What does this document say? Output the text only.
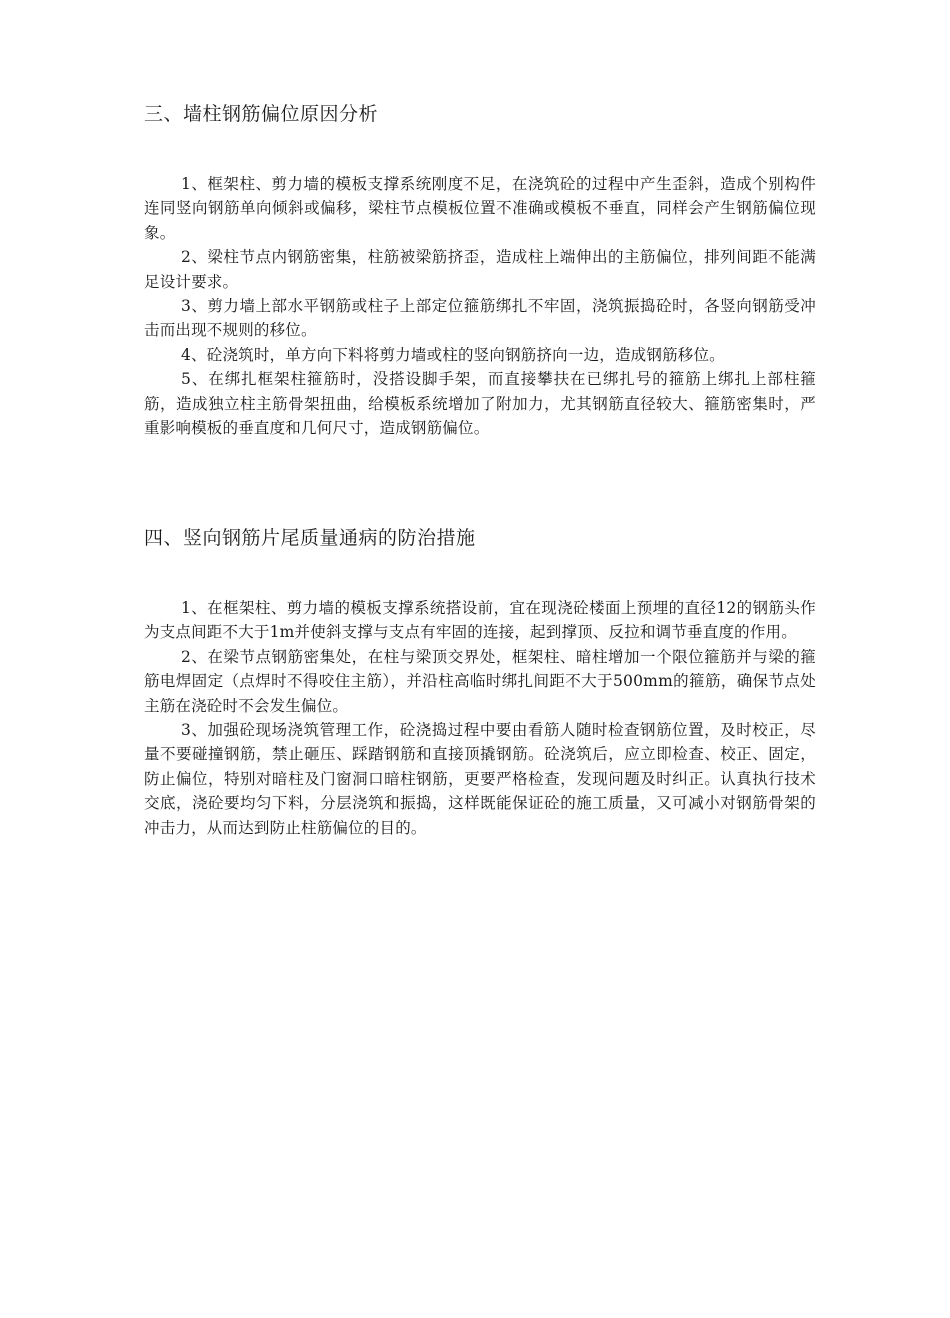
三、墙柱钢筋偏位原因分析

1、框架柱、剪力墙的模板支撑系统刚度不足，在浇筑砼的过程中产生歪斜，造成个别构件连同竖向钢筋单向倾斜或偏移，梁柱节点模板位置不准确或模板不垂直，同样会产生钢筋偏位现象。

2、梁柱节点内钢筋密集，柱筋被梁筋挤歪，造成柱上端伸出的主筋偏位，排列间距不能满足设计要求。

3、剪力墙上部水平钢筋或柱子上部定位箍筋绑扎不牢固，浇筑振捣砼时，各竖向钢筋受冲击而出现不规则的移位。

4、砼浇筑时，单方向下料将剪力墙或柱的竖向钢筋挤向一边，造成钢筋移位。

5、在绑扎框架柱箍筋时，没搭设脚手架，而直接攀扶在已绑扎号的箍筋上绑扎上部柱箍筋，造成独立柱主筋骨架扭曲，给模板系统增加了附加力，尤其钢筋直径较大、箍筋密集时，严重影响模板的垂直度和几何尺寸，造成钢筋偏位。

四、竖向钢筋片尾质量通病的防治措施

1、在框架柱、剪力墙的模板支撑系统搭设前，宜在现浇砼楼面上预埋的直径12的钢筋头作为支点间距不大于1m并使斜支撑与支点有牢固的连接，起到撑顶、反拉和调节垂直度的作用。

2、在梁节点钢筋密集处，在柱与梁顶交界处，框架柱、暗柱增加一个限位箍筋并与梁的箍筋电焊固定（点焊时不得咬住主筋），并沿柱高临时绑扎间距不大于500mm的箍筋，确保节点处主筋在浇砼时不会发生偏位。

3、加强砼现场浇筑管理工作，砼浇捣过程中要由看筋人随时检查钢筋位置，及时校正，尽量不要碰撞钢筋，禁止砸压、踩踏钢筋和直接顶撬钢筋。砼浇筑后，应立即检查、校正、固定，防止偏位，特别对暗柱及门窗洞口暗柱钢筋，更要严格检查，发现问题及时纠正。认真执行技术交底，浇砼要均匀下料，分层浇筑和振捣，这样既能保证砼的施工质量，又可减小对钢筋骨架的冲击力，从而达到防止柱筋偏位的目的。
